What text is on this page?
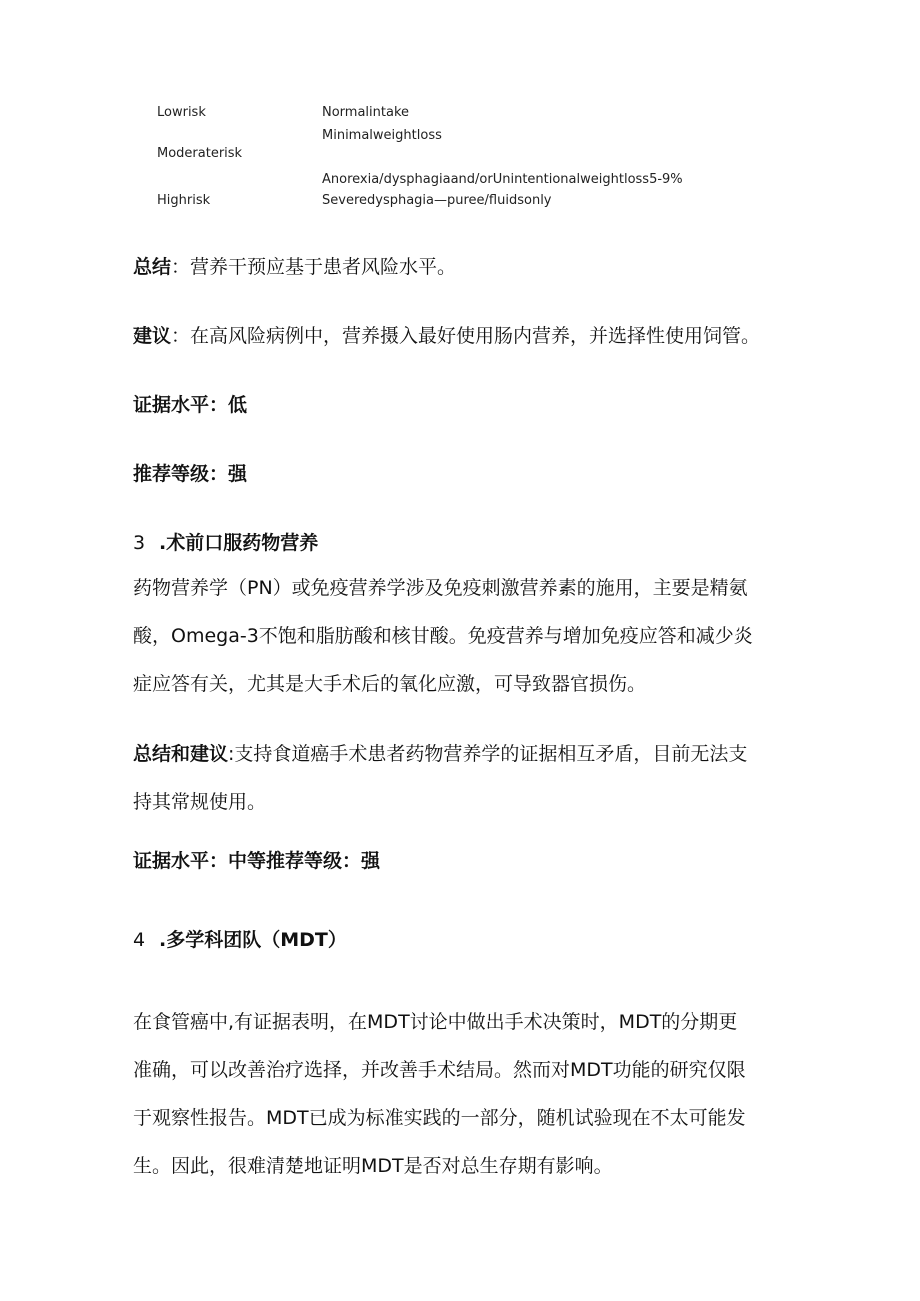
Lowrisk	Normalintake
Minimalweightloss
Moderaterisk
Anorexia/dysphagiaand/orUnintentionalweightloss5-9%
Highrisk	Severedysphagia—puree/fluidsonly
总结：营养干预应基于患者风险水平。
建议：在高风险病例中，营养摄入最好使用肠内营养，并选择性使用饲管。
证据水平：低
推荐等级：强
3 .术前口服药物营养
药物营养学（PN）或免疫营养学涉及免疫刺激营养素的施用，主要是精氨
酸，Omega-3不饱和脂肪酸和核甘酸。免疫营养与增加免疫应答和减少炎
症应答有关，尤其是大手术后的氧化应激，可导致器官损伤。
总结和建议:支持食道癌手术患者药物营养学的证据相互矛盾，目前无法支
持其常规使用。
证据水平：中等推荐等级：强
4 .多学科团队（MDT）
在食管癌中,有证据表明，在MDT讨论中做出手术决策时，MDT的分期更
准确，可以改善治疗选择，并改善手术结局。然而对MDT功能的研究仅限
于观察性报告。MDT已成为标准实践的一部分，随机试验现在不太可能发
生。因此，很难清楚地证明MDT是否对总生存期有影响。
